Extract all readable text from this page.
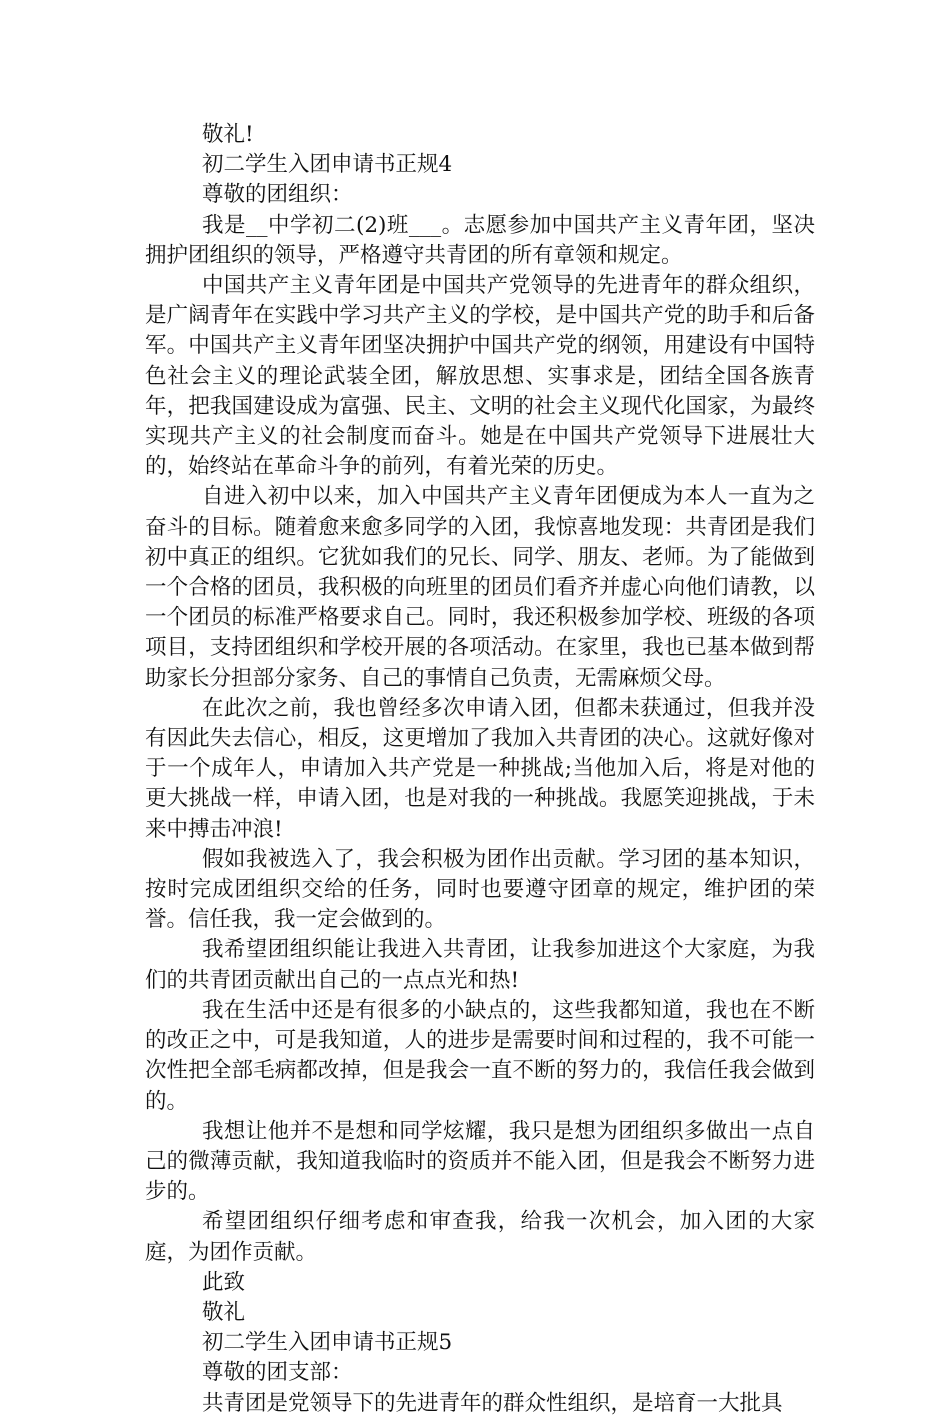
敬礼!

初二学生入团申请书正规4

尊敬的团组织：

我是__中学初二(2)班___。志愿参加中国共产主义青年团，坚决拥护团组织的领导，严格遵守共青团的所有章领和规定。

中国共产主义青年团是中国共产党领导的先进青年的群众组织，是广阔青年在实践中学习共产主义的学校，是中国共产党的助手和后备军。中国共产主义青年团坚决拥护中国共产党的纲领，用建设有中国特色社会主义的理论武装全团，解放思想、实事求是，团结全国各族青年，把我国建设成为富强、民主、文明的社会主义现代化国家，为最终实现共产主义的社会制度而奋斗。她是在中国共产党领导下进展壮大的，始终站在革命斗争的前列，有着光荣的历史。

自进入初中以来，加入中国共产主义青年团便成为本人一直为之奋斗的目标。随着愈来愈多同学的入团，我惊喜地发现：共青团是我们初中真正的组织。它犹如我们的兄长、同学、朋友、老师。为了能做到一个合格的团员，我积极的向班里的团员们看齐并虚心向他们请教，以一个团员的标准严格要求自己。同时，我还积极参加学校、班级的各项项目，支持团组织和学校开展的各项活动。在家里，我也已基本做到帮助家长分担部分家务、自己的事情自己负责，无需麻烦父母。

在此次之前，我也曾经多次申请入团，但都未获通过，但我并没有因此失去信心，相反，这更增加了我加入共青团的决心。这就好像对于一个成年人，申请加入共产党是一种挑战;当他加入后，将是对他的更大挑战一样，申请入团，也是对我的一种挑战。我愿笑迎挑战，于未来中搏击冲浪!

假如我被选入了，我会积极为团作出贡献。学习团的基本知识，按时完成团组织交给的任务，同时也要遵守团章的规定，维护团的荣誉。信任我，我一定会做到的。

我希望团组织能让我进入共青团，让我参加进这个大家庭，为我们的共青团贡献出自己的一点点光和热!

我在生活中还是有很多的小缺点的，这些我都知道，我也在不断的改正之中，可是我知道，人的进步是需要时间和过程的，我不可能一次性把全部毛病都改掉，但是我会一直不断的努力的，我信任我会做到的。

我想让他并不是想和同学炫耀，我只是想为团组织多做出一点自己的微薄贡献，我知道我临时的资质并不能入团，但是我会不断努力进步的。

希望团组织仔细考虑和审查我，给我一次机会，加入团的大家庭，为团作贡献。

此致

敬礼

初二学生入团申请书正规5

尊敬的团支部：

共青团是党领导下的先进青年的群众性组织，是培育一大批具
